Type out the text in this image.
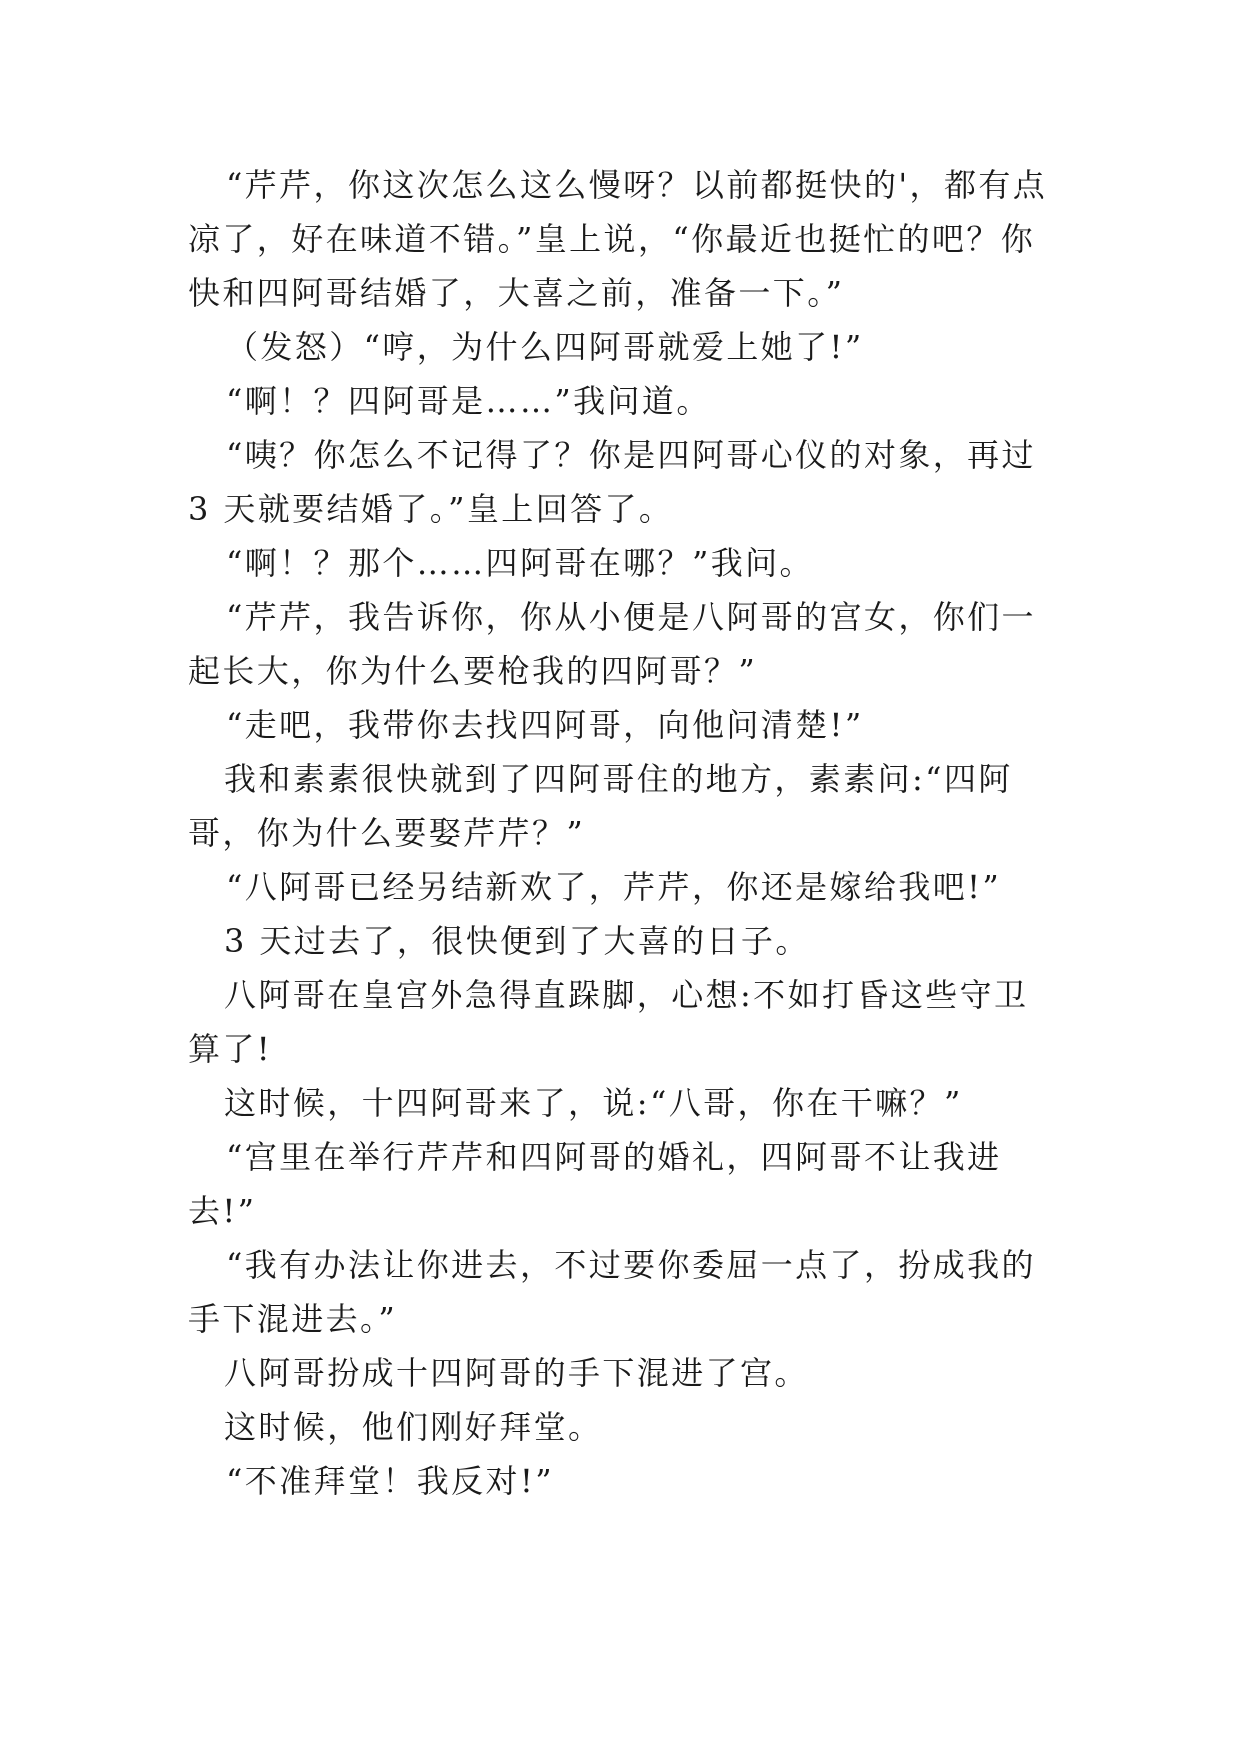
“芹芹，你这次怎么这么慢呀？以前都挺快的'，都有点凉了，好在味道不错。”皇上说，“你最近也挺忙的吧？你快和四阿哥结婚了，大喜之前，准备一下。”

（发怒）“哼，为什么四阿哥就爱上她了!”

“啊！？四阿哥是……”我问道。

“咦？你怎么不记得了？你是四阿哥心仪的对象，再过 3 天就要结婚了。”皇上回答了。

“啊！？那个……四阿哥在哪？”我问。

“芹芹，我告诉你，你从小便是八阿哥的宫女，你们一起长大，你为什么要枪我的四阿哥？”

“走吧，我带你去找四阿哥，向他问清楚!”

我和素素很快就到了四阿哥住的地方，素素问:“四阿哥，你为什么要娶芹芹？”

“八阿哥已经另结新欢了，芹芹，你还是嫁给我吧!”

3 天过去了，很快便到了大喜的日子。

八阿哥在皇宫外急得直跺脚，心想:不如打昏这些守卫算了!

这时候，十四阿哥来了，说:“八哥，你在干嘛？”

“宫里在举行芹芹和四阿哥的婚礼，四阿哥不让我进去!”

“我有办法让你进去，不过要你委屈一点了，扮成我的手下混进去。”

八阿哥扮成十四阿哥的手下混进了宫。

这时候，他们刚好拜堂。

“不准拜堂！我反对!”
